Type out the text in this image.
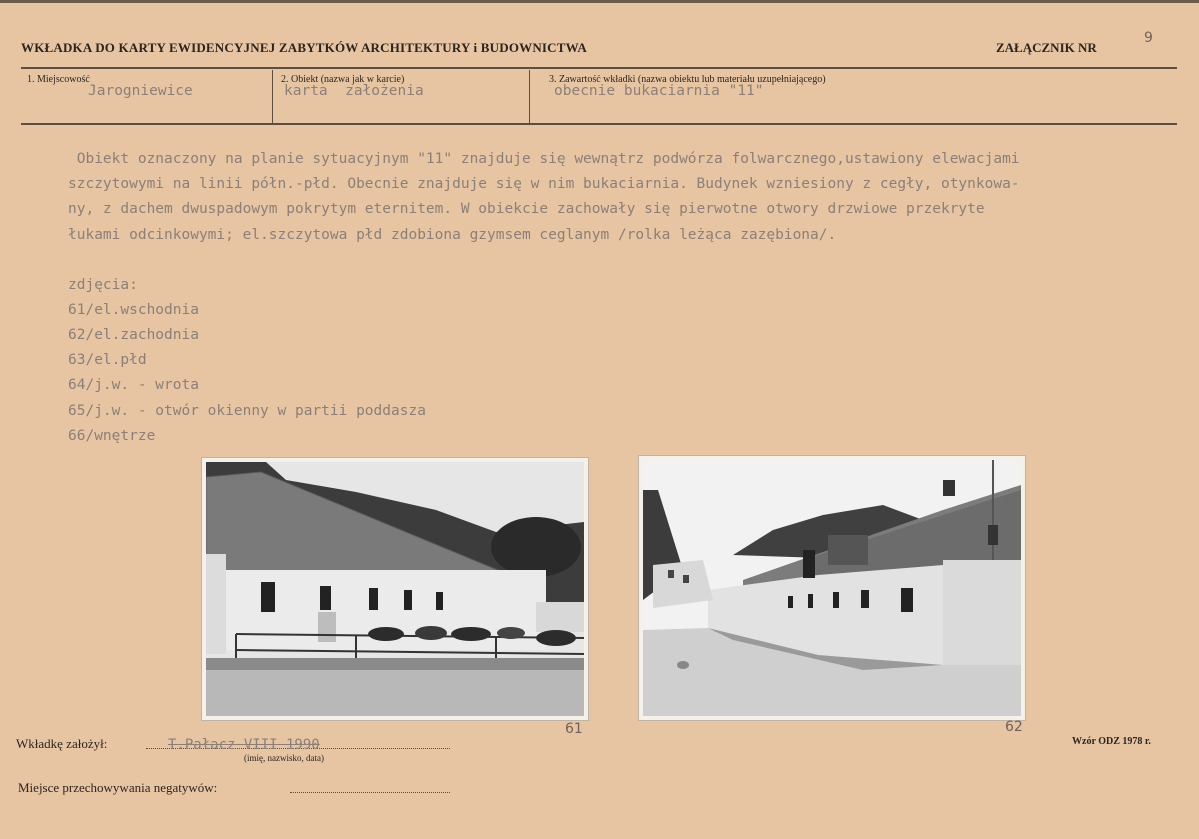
WKŁADKA DO KARTY EWIDENCYJNEJ ZABYTKÓW ARCHITEKTURY i BUDOWNICTWA	ZAŁĄCZNIK NR
9
1. Miejscowość
Jarogniewice
2. Obiekt (nazwa jak w karcie)
karta  założenia
3. Zawartość wkładki (nazwa obiektu lub materiału uzupełniającego)
obecnie bukaciarnia "11"
Obiekt oznaczony na planie sytuacyjnym "11" znajduje się wewnątrz podwórza folwarcznego,ustawiony elewacjami
szczytowymi na linii półn.-płd. Obecnie znajduje się w nim bukaciarnia. Budynek wzniesiony z cegły, otynkowa-
ny, z dachem dwuspadowym pokrytym eternitem. W obiekcie zachowały się pierwotne otwory drzwiowe przekryte
łukami odcinkowymi; el.szczytowa płd zdobiona gzymsem ceglanym /rolka leżąca zazębiona/.
zdjęcia:
61/el.wschodnia
62/el.zachodnia
63/el.płd
64/j.w. - wrota
65/j.w. - otwór okienny w partii poddasza
66/wnętrze
61	62
Wkładkę założył:	T.Pałacz VIII 1990
(imię, nazwisko, data)
Miejsce przechowywania negatywów:
Wzór ODZ 1978 r.
